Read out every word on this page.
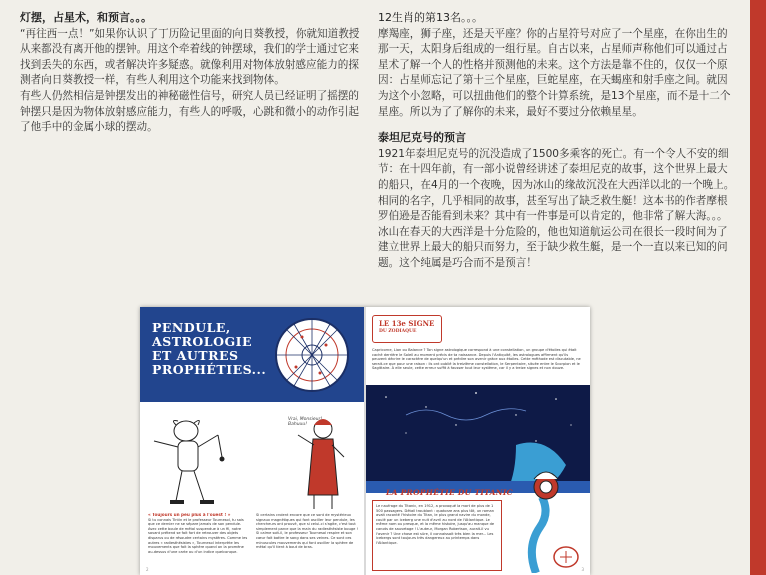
灯摆，占星术，和预言。。。
“再往西一点！”如果你认识了丁历险记里面的向日葵教授，你就知道教授从来都没有离开他的摆钟。用这个牵着线的钟摆球，我们的学士通过它来找到丢失的东西，或者解决许多疑惑。就像利用对物体放射感应能力的探测者向日葵教授一样，有些人利用这个功能来找到物体。
有些人仍然相信是钟摆发出的神秘磁性信号，研究人员已经证明了摇摆的钟摆只是因为物体放射感应能力，有些人的呼吸，心跳和微小的动作引起了他手中的金属小球的摆动。
12生肖的第13名。。。
摩羯座，狮子座，还是天平座？你的占星符号对应了一个星座，在你出生的那一天，太阳身后组成的一组行星。自古以来，占星师声称他们可以通过占星术了解一个人的性格并预测他的未来。这个方法是靠不住的，仅仅一个原因：占星师忘记了第十三个星座，巨蛇星座，在天蝎座和射手座之间。就因为这个小忽略，可以扭曲他们的整个计算系统，是13个星座，而不是十二个星座。所以为了了解你的未来，最好不要过分依赖星星。
泰坦尼克号的预言
1921年泰坦尼克号的沉没造成了1500多乘客的死亡。有一个令人不安的细节：在十四年前，有一部小说曾经讲述了泰坦尼克的故事，这个世界上最大的船只，在4月的一个夜晚，因为冰山的缘故沉没在大西洋以北的一个晚上。相同的名字，几乎相同的故事，甚至写出了缺乏救生艇！这本书的作者摩根罗伯逊是否能看到未来？其中有一件事是可以肯定的，他非常了解大海。。。冰山在春天的大西洋是十分危险的，他也知道航运公司在很长一段时间为了建立世界上最大的船只而努力，至于缺少救生艇，是一个一直以来已知的问题。这个纯属是巧合而不是预言！
PENDULE,
ASTROLOGIE
ET AUTRES
PROPHÉTIES...
Vrai, Monsieur! Bahuuu!
« Toujours un peu plus à l'ouest ! »
Si tu connais Tintin et le professeur Tournesol, tu sais que ce dernier ne se sépare jamais de son pendule. Avec cette boule de métal suspendue à un fil, notre savant prétend se fait fort de retrouver des objets disparus ou de résoudre certains mystères. Comme les autres « radiesthésistes », Tournesol interprète les mouvements que fait la sphère quand on la promène au-dessus d'une carte ou d'un indice quelconque.
Si certains croient encore que ce sont de mystérieux signaux magnétiques qui font osciller leur pendule, les chercheurs ont prouvé, que si celui-ci s'agite, c'est tout simplement parce que la main du radiesthésiste bouge ! Si calme soit-il, le professeur Tournesol respire et son cœur fait battre le sang dans ses veines. Ce sont ces minuscules mouvements qui font osciller la sphère de métal qu'il tient à bout de bras.
2
LE 13e SIGNE
DU ZODIAQUE
Capricorne, Lion ou Balance ? Ton signe astrologique correspond à une constellation, un groupe d'étoiles qui était caché derrière le Soleil au moment précis de ta naissance. Depuis l'Antiquité, les astrologues affirment qu'ils peuvent décrire le caractère de quelqu'un et prédire son avenir grâce aux étoiles. Cette méthode est discutable, ne serait-ce que pour une raison : ils ont oublié la treizième constellation, le Serpentaire, située entre le Scorpion et le Sagittaire. À elle seule, cette erreur suffit à fausser tout leur système, car il y a treize signes et non douze.
LA PROPHÉTIE DU TITANIC
Le naufrage du Titanic, en 1912, a provoqué la mort de plus de 1 500 passagers. Détail troublant : quatorze ans plus tôt, un roman avait raconté l'histoire du Titan, le plus grand navire du monde, coulé par un iceberg une nuit d'avril au nord de l'Atlantique. Le même nom ou presque, et la même histoire, jusqu'au manque de canots de sauvetage ! L'auteur, Morgan Robertson, aurait-il vu l'avenir ? Une chose est sûre, il connaissait très bien la mer... Les icebergs sont toujours très dangereux au printemps dans l'Atlantique.
3
